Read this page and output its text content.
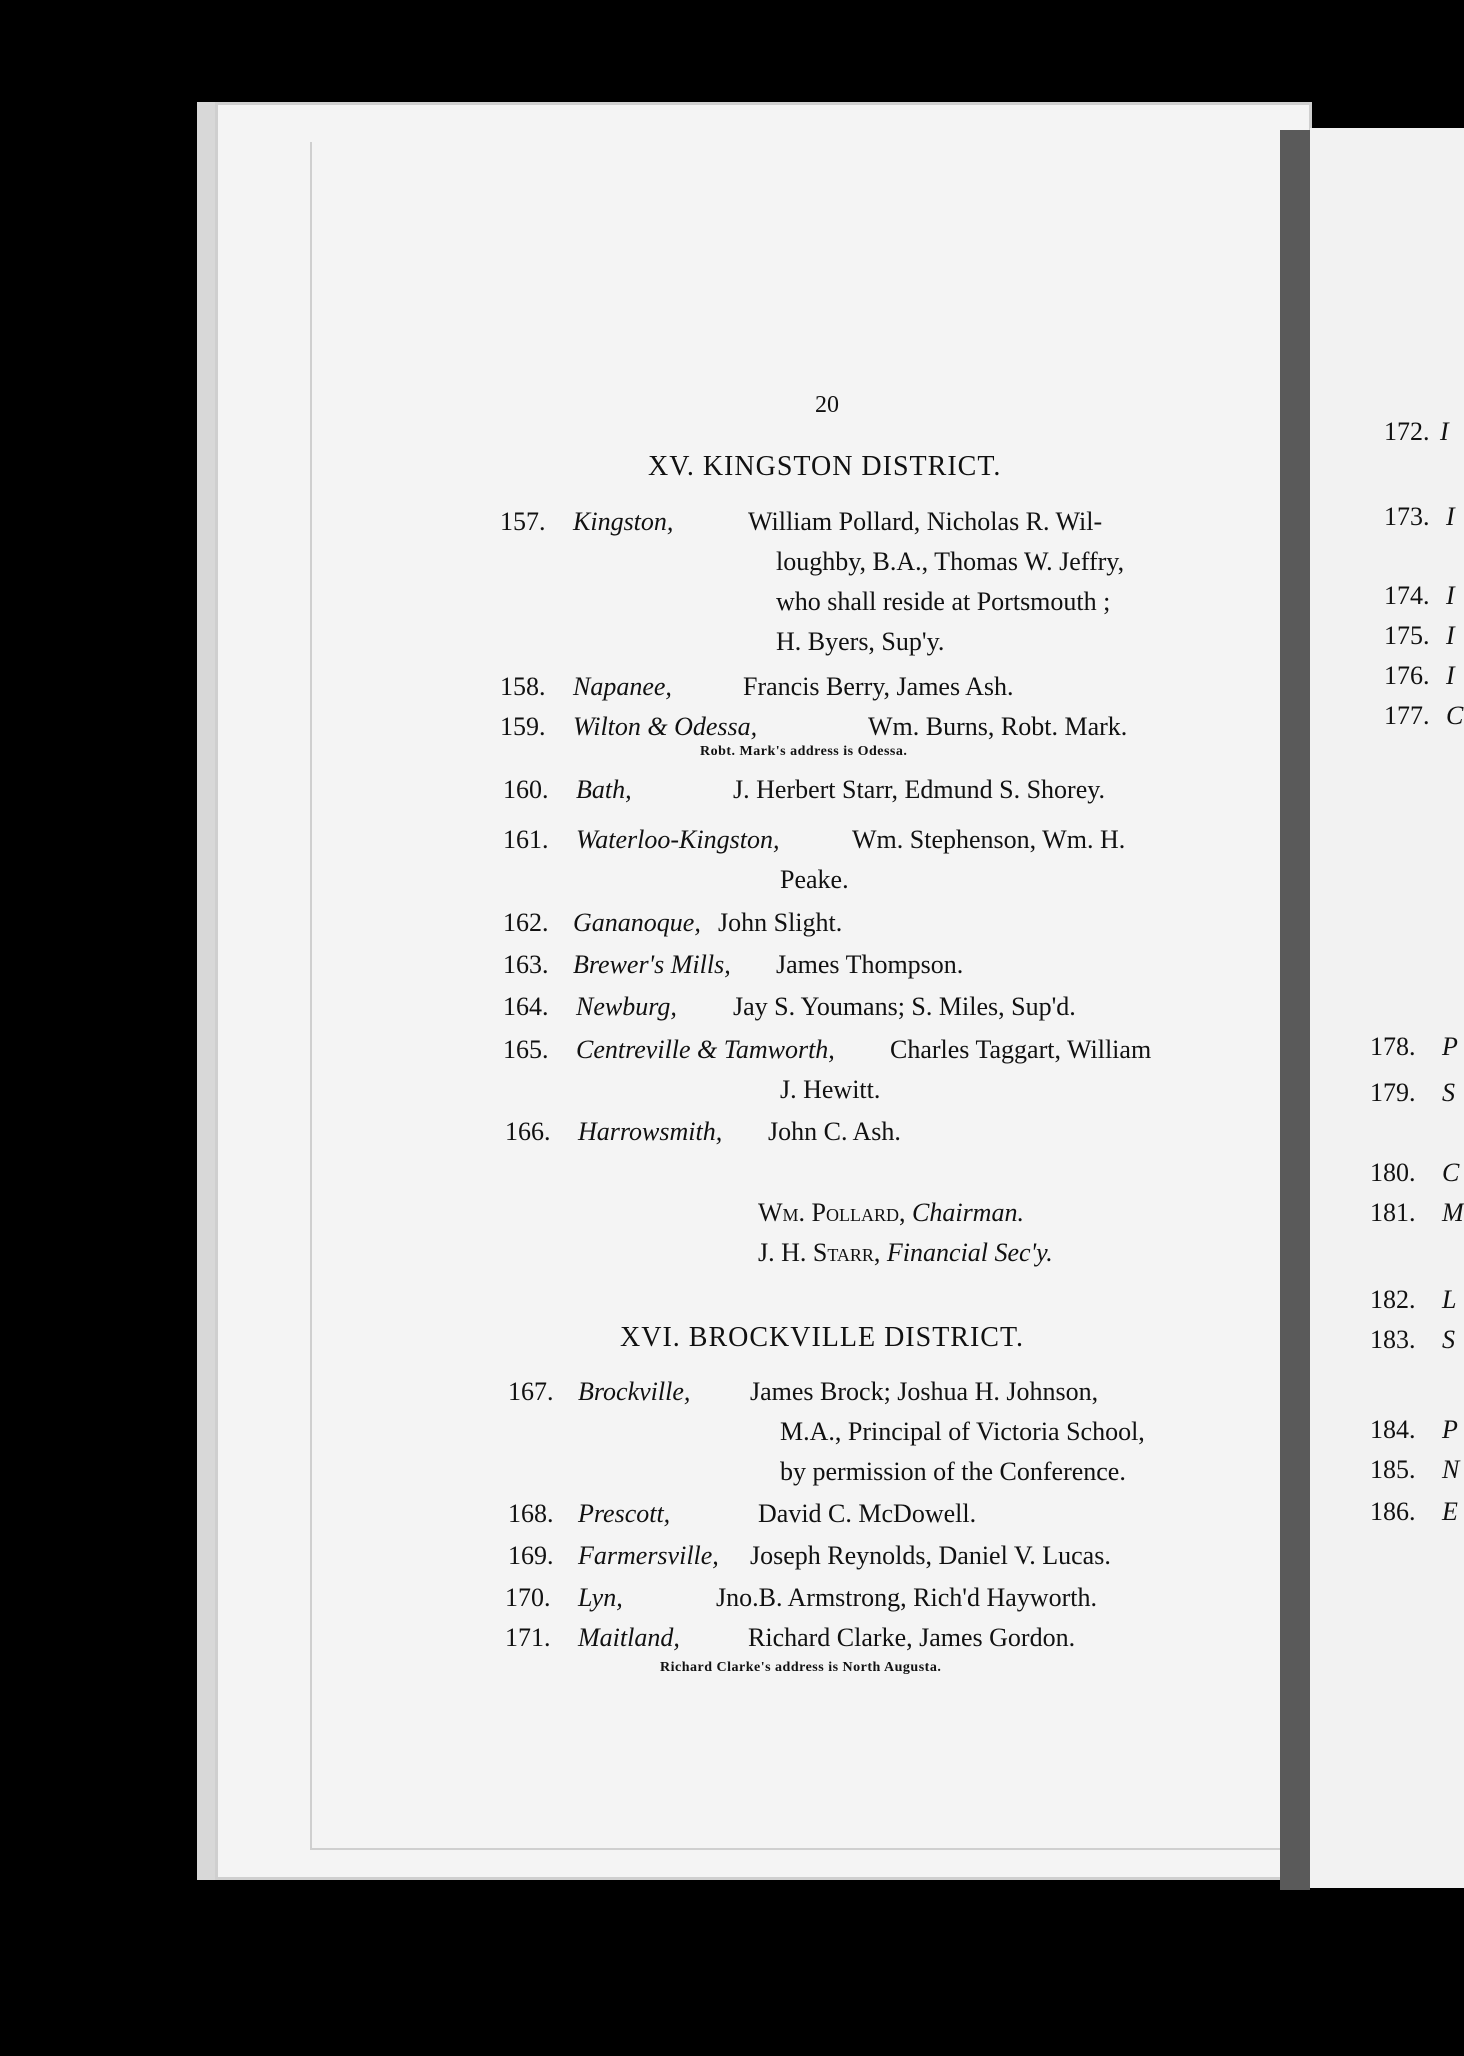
20
XV. KINGSTON DISTRICT.
157. Kingston,	William Pollard, Nicholas R. Wil-
loughby, B.A., Thomas W. Jeffry,
who shall reside at Portsmouth ;
H. Byers, Sup'y.
158. Napanee,	Francis Berry, James Ash.
159. Wilton & Odessa,	Wm. Burns, Robt. Mark.
Robt. Mark's address is Odessa.
160. Bath,	J. Herbert Starr, Edmund S. Shorey.
161. Waterloo-Kingston,	Wm. Stephenson, Wm. H.
Peake.
162. Gananoque, John Slight.
163. Brewer's Mills, James Thompson.
164. Newburg, Jay S. Youmans; S. Miles, Sup'd.
165. Centreville & Tamworth, Charles Taggart, William
J. Hewitt.
166. Harrowsmith, John C. Ash.
Wm. Pollard, Chairman.
J. H. Starr, Financial Sec'y.
XVI. BROCKVILLE DISTRICT.
167. Brockville, James Brock; Joshua H. Johnson,
M.A., Principal of Victoria School,
by permission of the Conference.
168. Prescott,	David C. McDowell.
169. Farmersville, Joseph Reynolds, Daniel V. Lucas.
170. Lyn,	Jno.B. Armstrong, Rich'd Hayworth.
171. Maitland,	Richard Clarke, James Gordon.
Richard Clarke's address is North Augusta.
172. I
173. I
174. I
175. I
176. I
177. C
178. P
179. S
180. C
181. M
182. L
183. S
184. P
185. N
186. E
